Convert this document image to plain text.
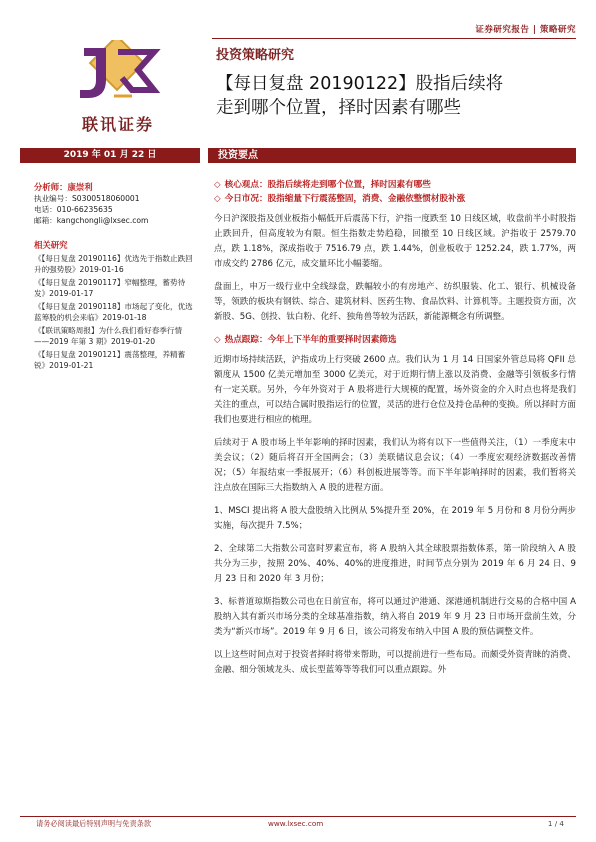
证券研究报告 | 策略研究
联讯证券
投资策略研究
【每日复盘 20190122】股指后续将
走到哪个位置，择时因素有哪些
2019 年 01 月 22 日	投资要点
分析师：康崇利
执业编号：S0300518060001
电话：010-66235635
邮箱：kangchongli@lxsec.com
相关研究
《【每日复盘 20190116】优选先于指数止跌回升的强势股》2019-01-16
《【每日复盘 20190117】窄幅整理，蓄势待发》2019-01-17
《【每日复盘 20190118】市场起了变化，优选蓝筹股的机会来临》2019-01-18
《【联讯策略周报】为什么我们看好春季行情——2019 年第 3 期》2019-01-20
《【每日复盘 20190121】震荡整理，养精蓄锐》2019-01-21
◇ 核心观点：股指后续将走到哪个位置，择时因素有哪些
◇ 今日市况：股指缩量下行震荡整固，消费、金融依整惯材股补涨

今日沪深股指及创业板指小幅低开后震荡下行，沪指一度跌至 10 日线区域，收盘前半小时股指止跌回升，但高度较为有限。恒生指数走势趋稳，回撤至 10 日线区域。沪指收于 2579.70 点，跌 1.18%，深成指收于 7516.79 点，跌 1.44%，创业板收于 1252.24，跌 1.77%，两市成交约 2786 亿元，成交量环比小幅萎缩。

盘面上，申万一级行业中全线绿盘，跌幅较小的有房地产、纺织服装、化工、银行、机械设备等，领跌的板块有钢铁、综合、建筑材料、医药生物、食品饮料、计算机等。主题投资方面，次新股、5G、创投、钛白粉、化纤、独角兽等较为活跃，新能源概念有所调整。

◇ 热点跟踪：今年上下半年的重要择时因素筛选

近期市场持续活跃，沪指成功上行突破 2600 点。我们认为 1 月 14 日国家外管总局将 QFII 总额度从 1500 亿美元增加至 3000 亿美元，对于近期行情上涨以及消费、金融等引领板多行情有一定关联。另外，今年外资对于 A 股将进行大规模的配置，场外资金的介入时点也将是我们关注的重点，可以结合属时股指运行的位置，灵活的进行仓位及持仓品种的变换。所以择时方面我们也要进行相应的梳理。

后续对于 A 股市场上半年影响的择时因素，我们认为将有以下一些值得关注，（1）一季度末中美会议；（2）随后将召开全国两会；（3）美联储议息会议；（4）一季度宏观经济数据改善情况；（5）年报结束一季报展开；（6）科创板进展等等。而下半年影响择时的因素，我们暂将关注点放在国际三大指数纳入 A 股的进程方面。

1、MSCI 提出将 A 股大盘股纳入比例从 5%提升至 20%，在 2019 年 5 月份和 8 月份分两步实施，每次提升 7.5%；

2、全球第二大指数公司富时罗素宣布，将 A 股纳入其全球股票指数体系，第一阶段纳入 A 股共分为三步，按照 20%、40%、40%的进度推进，时间节点分别为 2019 年 6 月 24 日、9 月 23 日和 2020 年 3 月份；

3、标普道琼斯指数公司也在日前宣布，将可以通过沪港通、深港通机制进行交易的合格中国 A 股纳入其有新兴市场分类的全球基准指数，纳入将自 2019 年 9 月 23 日市场开盘前生效，分类为“新兴市场”。2019 年 9 月 6 日，该公司将发布纳入中国 A 股的预估调整文件。

以上这些时间点对于投资者择时将带来帮助，可以提前进行一些布局。而颇受外资青睐的消费、金融、细分领域龙头、成长型蓝筹等等我们可以重点跟踪。外

请务必阅读最后特别声明与免责条款	www.lxsec.com	1 / 4
